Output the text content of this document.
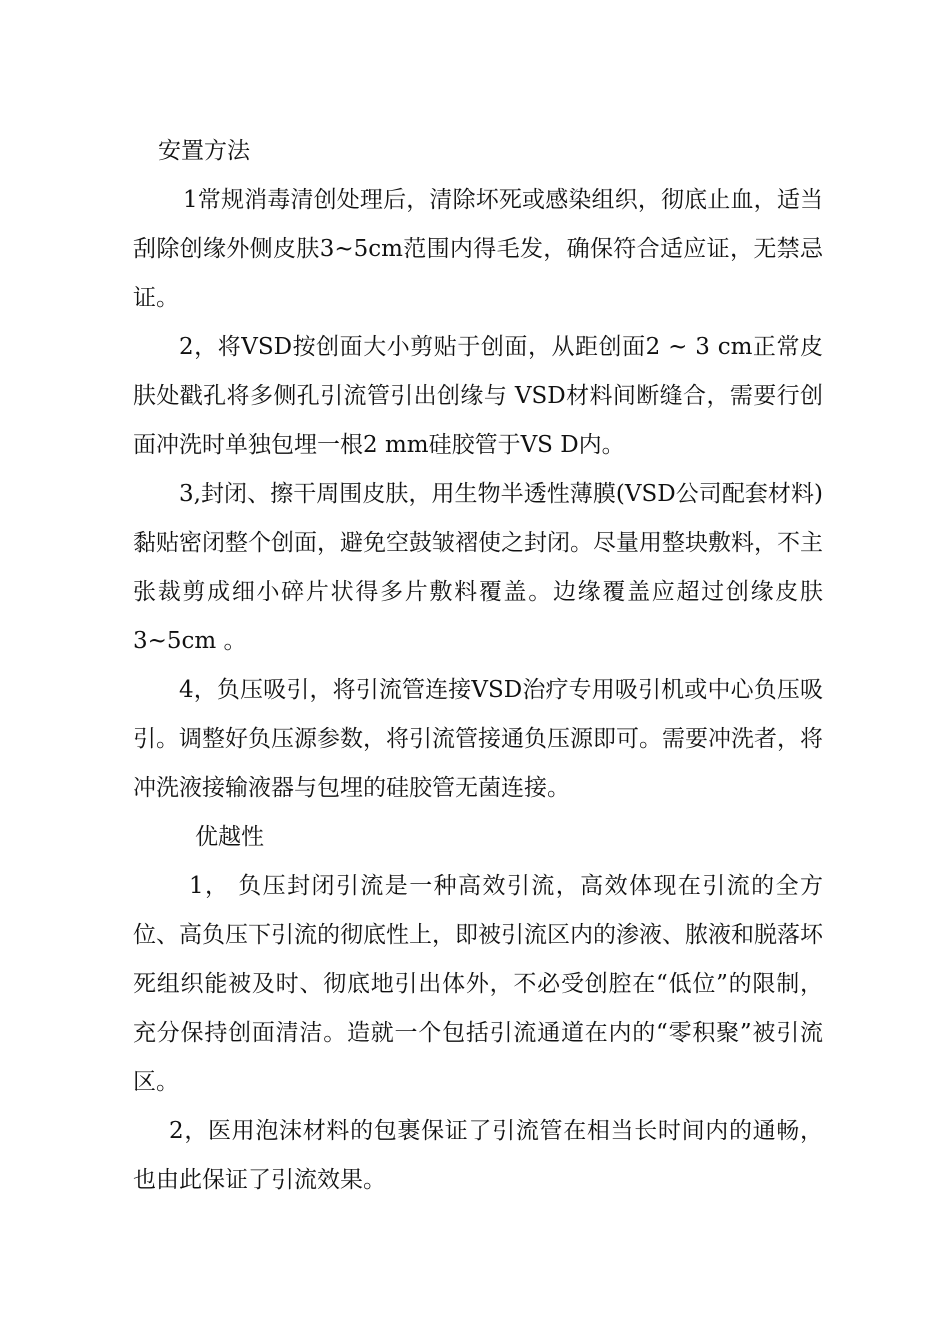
安置方法

1常规消毒清创处理后，清除坏死或感染组织，彻底止血，适当刮除创缘外侧皮肤3~5cm范围内得毛发，确保符合适应证，无禁忌证。

2，将VSD按创面大小剪贴于创面，从距创面2 ~ 3 cm正常皮肤处戳孔将多侧孔引流管引出创缘与 VSD材料间断缝合，需要行创面冲洗时单独包埋一根2 mm硅胶管于VS D内。

3,封闭、擦干周围皮肤，用生物半透性薄膜(VSD公司配套材料)黏贴密闭整个创面，避免空鼓皱褶使之封闭。尽量用整块敷料，不主张裁剪成细小碎片状得多片敷料覆盖。边缘覆盖应超过创缘皮肤3~5cm 。

4，负压吸引，将引流管连接VSD治疗专用吸引机或中心负压吸引。调整好负压源参数，将引流管接通负压源即可。需要冲洗者，将冲洗液接输液器与包埋的硅胶管无菌连接。

优越性

1， 负压封闭引流是一种高效引流，高效体现在引流的全方位、高负压下引流的彻底性上，即被引流区内的渗液、脓液和脱落坏死组织能被及时、彻底地引出体外，不必受创腔在“低位”的限制，充分保持创面清洁。造就一个包括引流通道在内的“零积聚”被引流区。

2，医用泡沫材料的包裹保证了引流管在相当长时间内的通畅，也由此保证了引流效果。
